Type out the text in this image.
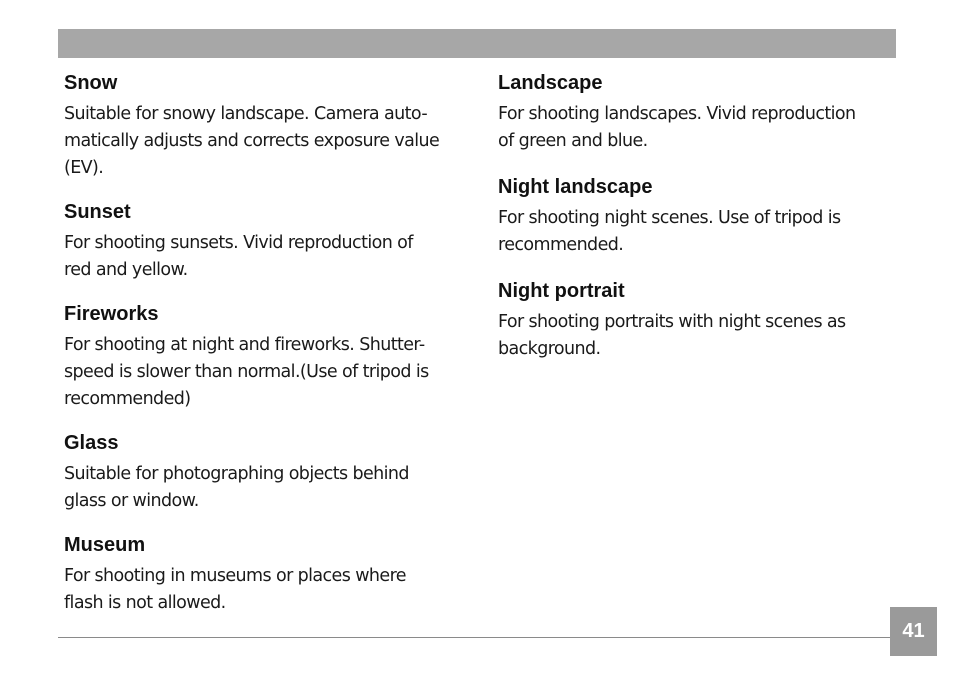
Snow

Suitable for snowy landscape. Camera auto-
matically adjusts and corrects exposure value
(EV).

Sunset

For shooting sunsets. Vivid reproduction of
red and yellow.

Fireworks

For shooting at night and fireworks. Shutter-
speed is slower than normal.(Use of tripod is
recommended)

Glass

Suitable for photographing objects behind
glass or window.

Museum

For shooting in museums or places where
flash is not allowed.

Landscape

For shooting landscapes. Vivid reproduction
of green and blue.

Night landscape

For shooting night scenes. Use of tripod is
recommended.

Night portrait

For shooting portraits with night scenes as
background.

41
